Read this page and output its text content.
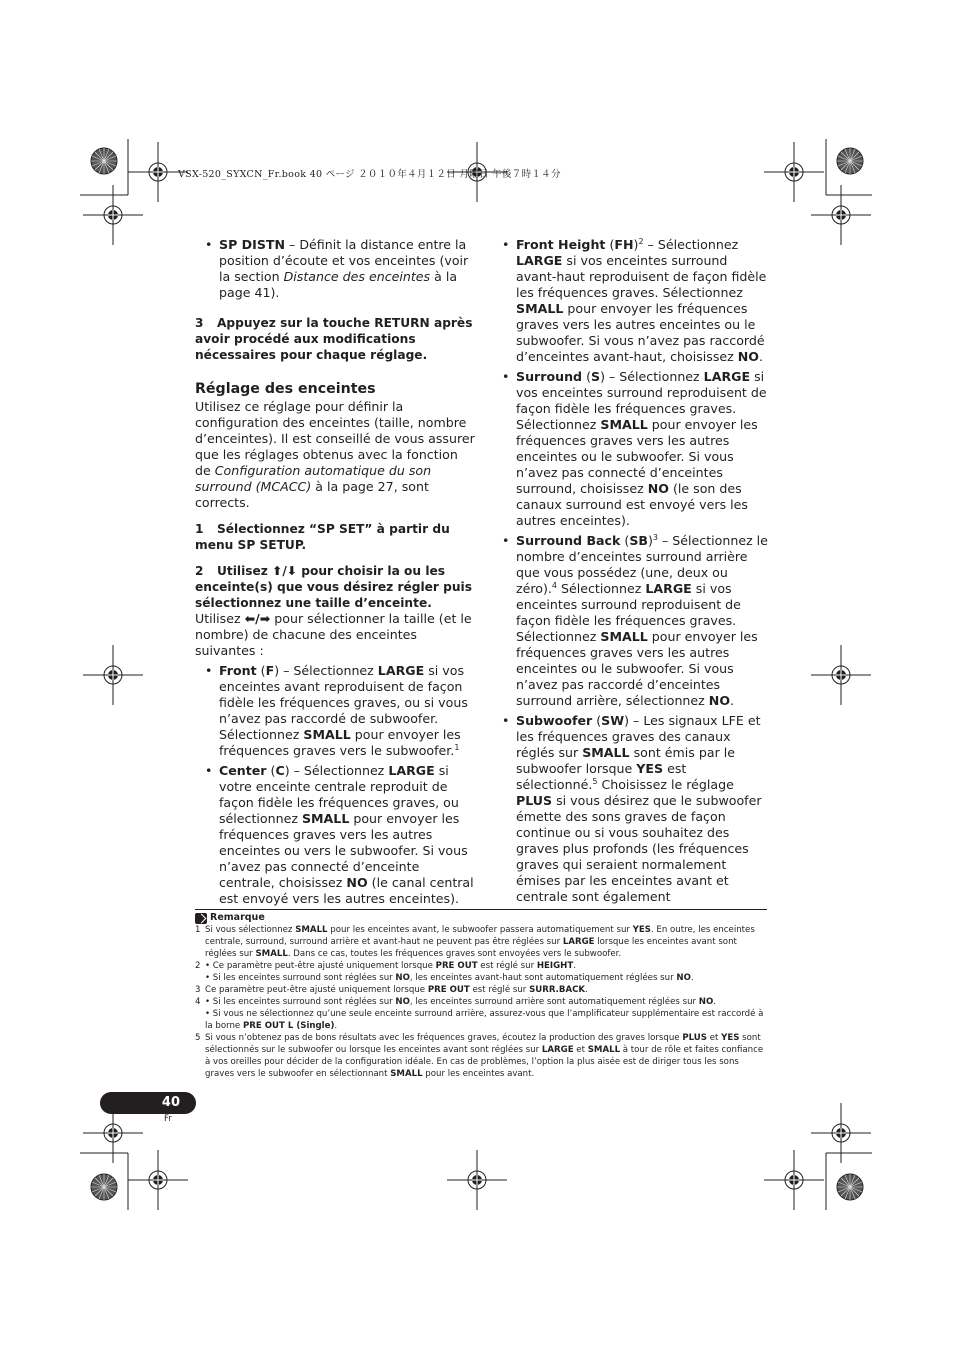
VSX-520_SYXCN_Fr.book 40 ページ ２０１０年４月１２日 月曜日 午後７時１４分

• SP DISTN – Définit la distance entre la position d’écoute et vos enceintes (voir la section Distance des enceintes à la page 41).

3 Appuyez sur la touche RETURN après avoir procédé aux modifications nécessaires pour chaque réglage.

Réglage des enceintes

Utilisez ce réglage pour définir la configuration des enceintes (taille, nombre d’enceintes). Il est conseillé de vous assurer que les réglages obtenus avec la fonction de Configuration automatique du son surround (MCACC) à la page 27, sont corrects.

1 Sélectionnez “SP SET” à partir du menu SP SETUP.

2 Utilisez ⬆/⬇ pour choisir la ou les enceinte(s) que vous désirez régler puis sélectionnez une taille d’enceinte.

Utilisez ⬅/➡ pour sélectionner la taille (et le nombre) de chacune des enceintes suivantes :

• Front (F) – Sélectionnez LARGE si vos enceintes avant reproduisent de façon fidèle les fréquences graves, ou si vous n’avez pas raccordé de subwoofer. Sélectionnez SMALL pour envoyer les fréquences graves vers le subwoofer.$^1$

• Center (C) – Sélectionnez LARGE si votre enceinte centrale reproduit de façon fidèle les fréquences graves, ou sélectionnez SMALL pour envoyer les fréquences graves vers les autres enceintes ou vers le subwoofer. Si vous n’avez pas connecté d’enceinte centrale, choisissez NO (le canal central est envoyé vers les autres enceintes).

• Front Height (FH)$^2$ – Sélectionnez LARGE si vos enceintes surround avant-haut reproduisent de façon fidèle les fréquences graves. Sélectionnez SMALL pour envoyer les fréquences graves vers les autres enceintes ou le subwoofer. Si vous n’avez pas raccordé d’enceintes avant-haut, choisissez NO.

• Surround (S) – Sélectionnez LARGE si vos enceintes surround reproduisent de façon fidèle les fréquences graves. Sélectionnez SMALL pour envoyer les fréquences graves vers les autres enceintes ou le subwoofer. Si vous n’avez pas connecté d’enceintes surround, choisissez NO (le son des canaux surround est envoyé vers les autres enceintes).

• Surround Back (SB)$^3$ – Sélectionnez le nombre d’enceintes surround arrière que vous possédez (une, deux ou zéro).$^4$ Sélectionnez LARGE si vos enceintes surround reproduisent de façon fidèle les fréquences graves. Sélectionnez SMALL pour envoyer les fréquences graves vers les autres enceintes ou le subwoofer. Si vous n’avez pas raccordé d’enceintes surround arrière, sélectionnez NO.

• Subwoofer (SW) – Les signaux LFE et les fréquences graves des canaux réglés sur SMALL sont émis par le subwoofer lorsque YES est sélectionné.$^5$ Choisissez le réglage PLUS si vous désirez que le subwoofer émette des sons graves de façon continue ou si vous souhaitez des graves plus profonds (les fréquences graves qui seraient normalement émises par les enceintes avant et centrale sont également

Remarque
1 Si vous sélectionnez SMALL pour les enceintes avant, le subwoofer passera automatiquement sur YES. En outre, les enceintes centrale, surround, surround arrière et avant-haut ne peuvent pas être réglées sur LARGE lorsque les enceintes avant sont réglées sur SMALL. Dans ce cas, toutes les fréquences graves sont envoyées vers le subwoofer.
2 • Ce paramètre peut-être ajusté uniquement lorsque PRE OUT est réglé sur HEIGHT.
• Si les enceintes surround sont réglées sur NO, les enceintes avant-haut sont automatiquement réglées sur NO.
3 Ce paramètre peut-être ajusté uniquement lorsque PRE OUT est réglé sur SURR.BACK.
4 • Si les enceintes surround sont réglées sur NO, les enceintes surround arrière sont automatiquement réglées sur NO.
• Si vous ne sélectionnez qu’une seule enceinte surround arrière, assurez-vous que l’amplificateur supplémentaire est raccordé à la borne PRE OUT L (Single).
5 Si vous n’obtenez pas de bons résultats avec les fréquences graves, écoutez la production des graves lorsque PLUS et YES sont sélectionnés sur le subwoofer ou lorsque les enceintes avant sont réglées sur LARGE et SMALL à tour de rôle et faites confiance à vos oreilles pour décider de la configuration idéale. En cas de problèmes, l’option la plus aisée est de diriger tous les sons graves vers le subwoofer en sélectionnant SMALL pour les enceintes avant.
40
Fr
